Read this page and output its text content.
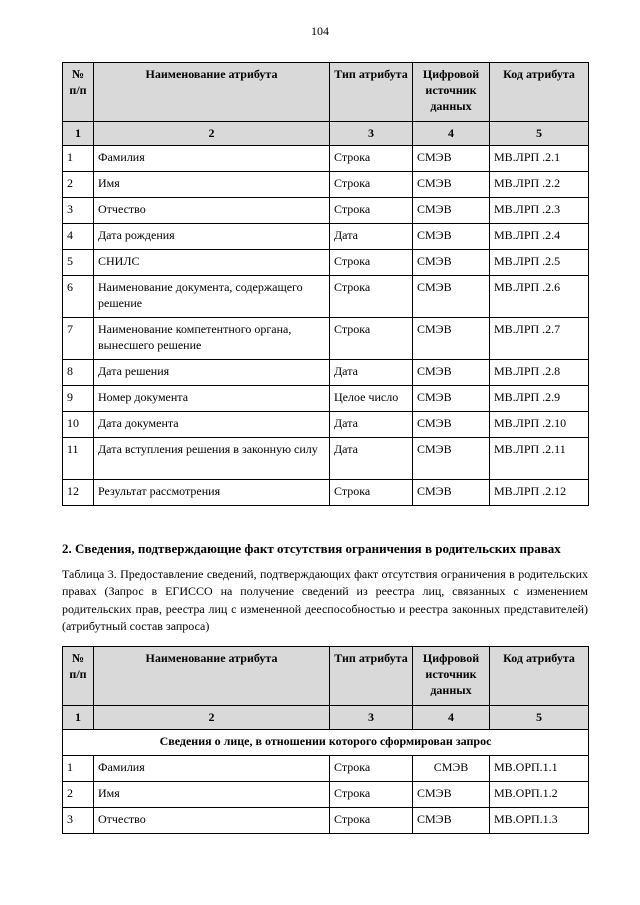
104
№ п/п	Наименование атрибута	Тип атрибута	Цифровой источник данных	Код атрибута
1	2	3	4	5
1	Фамилия	Строка	СМЭВ	МВ.ЛРП .2.1
2	Имя	Строка	СМЭВ	МВ.ЛРП .2.2
3	Отчество	Строка	СМЭВ	МВ.ЛРП .2.3
4	Дата рождения	Дата	СМЭВ	МВ.ЛРП .2.4
5	СНИЛС	Строка	СМЭВ	МВ.ЛРП .2.5
6	Наименование документа, содержащего решение	Строка	СМЭВ	МВ.ЛРП .2.6
7	Наименование компетентного органа, вынесшего решение	Строка	СМЭВ	МВ.ЛРП .2.7
8	Дата решения	Дата	СМЭВ	МВ.ЛРП .2.8
9	Номер документа	Целое число	СМЭВ	МВ.ЛРП .2.9
10	Дата документа	Дата	СМЭВ	МВ.ЛРП .2.10
11	Дата вступления решения в законную силу	Дата	СМЭВ	МВ.ЛРП .2.11
12	Результат рассмотрения	Строка	СМЭВ	МВ.ЛРП .2.12
2. Сведения, подтверждающие факт отсутствия ограничения в родительских правах
Таблица 3. Предоставление сведений, подтверждающих факт отсутствия ограничения в родительских правах (Запрос в ЕГИССО на получение сведений из реестра лиц, связанных с изменением родительских прав, реестра лиц с измененной дееспособностью и реестра законных представителей) (атрибутный состав запроса)
№ п/п	Наименование атрибута	Тип атрибута	Цифровой источник данных	Код атрибута
1	2	3	4	5
Сведения о лице, в отношении которого сформирован запрос				
1	Фамилия	Строка	СМЭВ	МВ.ОРП.1.1
2	Имя	Строка	СМЭВ	МВ.ОРП.1.2
3	Отчество	Строка	СМЭВ	МВ.ОРП.1.3
